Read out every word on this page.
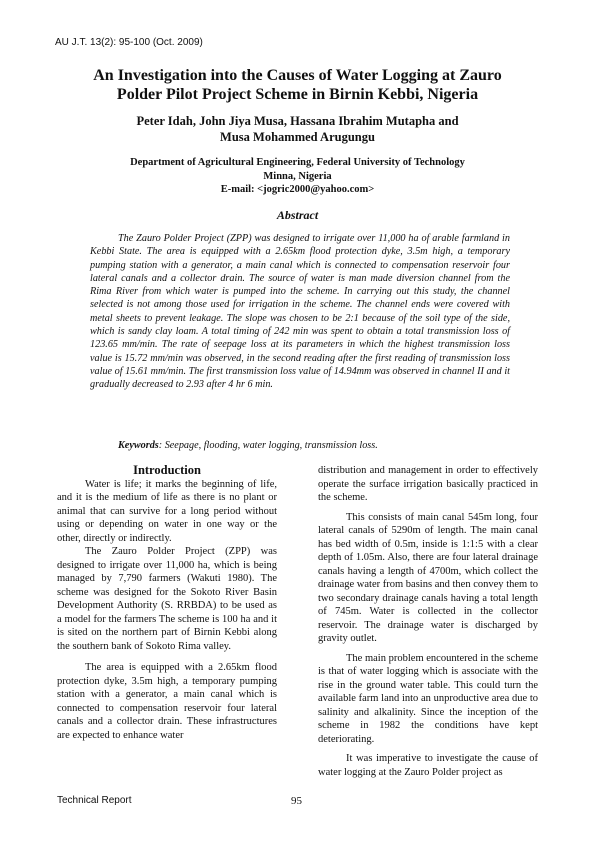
AU J.T. 13(2): 95-100 (Oct. 2009)
An Investigation into the Causes of Water Logging at Zauro
Polder Pilot Project Scheme in Birnin Kebbi, Nigeria
Peter Idah, John Jiya Musa, Hassana Ibrahim Mutapha and
Musa Mohammed Arugungu
Department of Agricultural Engineering, Federal University of Technology
Minna, Nigeria
E-mail: <jogric2000@yahoo.com>
Abstract

The Zauro Polder Project (ZPP) was designed to irrigate over 11,000 ha of arable farmland in Kebbi State. The area is equipped with a 2.65km flood protection dyke, 3.5m high, a temporary pumping station with a generator, a main canal which is connected to compensation reservoir four lateral canals and a collector drain. The source of water is man made diversion channel from the Rima River from which water is pumped into the scheme. In carrying out this study, the channel selected is not among those used for irrigation in the scheme. The channel ends were covered with metal sheets to prevent leakage. The slope was chosen to be 2:1 because of the soil type of the side, which is sandy clay loam. A total timing of 242 min was spent to obtain a total transmission loss of 123.65 mm/min. The rate of seepage loss at its parameters in which the highest transmission loss value is 15.72 mm/min was observed, in the second reading after the first reading of transmission loss value of 15.61 mm/min. The first transmission loss value of 14.94mm was observed in channel II and it gradually decreased to 2.93 after 4 hr 6 min.

Keywords: Seepage, flooding, water logging, transmission loss.

Introduction

Water is life; it marks the beginning of life, and it is the medium of life as there is no plant or animal that can survive for a long period without using or depending on water in one way or the other, directly or indirectly.

The Zauro Polder Project (ZPP) was designed to irrigate over 11,000 ha, which is being managed by 7,790 farmers (Wakuti 1980). The scheme was designed for the Sokoto River Basin Development Authority (S. RRBDA) to be used as a model for the farmers The scheme is 100 ha and it is sited on the northern part of Birnin Kebbi along the southern bank of Sokoto Rima valley.

The area is equipped with a 2.65km flood protection dyke, 3.5m high, a temporary pumping station with a generator, a main canal which is connected to compensation reservoir four lateral canals and a collector drain. These infrastructures are expected to enhance water

distribution and management in order to effectively operate the surface irrigation basically practiced in the scheme.

This consists of main canal 545m long, four lateral canals of 5290m of length. The main canal has bed width of 0.5m, inside is 1:1:5 with a clear depth of 1.05m. Also, there are four lateral drainage canals having a length of 4700m, which collect the drainage water from basins and then convey them to two secondary drainage canals having a total length of 745m. Water is collected in the collector reservoir. The drainage water is discharged by gravity outlet.

The main problem encountered in the scheme is that of water logging which is associate with the rise in the ground water table. This could turn the available farm land into an unproductive area due to salinity and alkalinity. Since the inception of the scheme in 1982 the conditions have kept deteriorating.

It was imperative to investigate the cause of water logging at the Zauro Polder project as

Technical Report	95
